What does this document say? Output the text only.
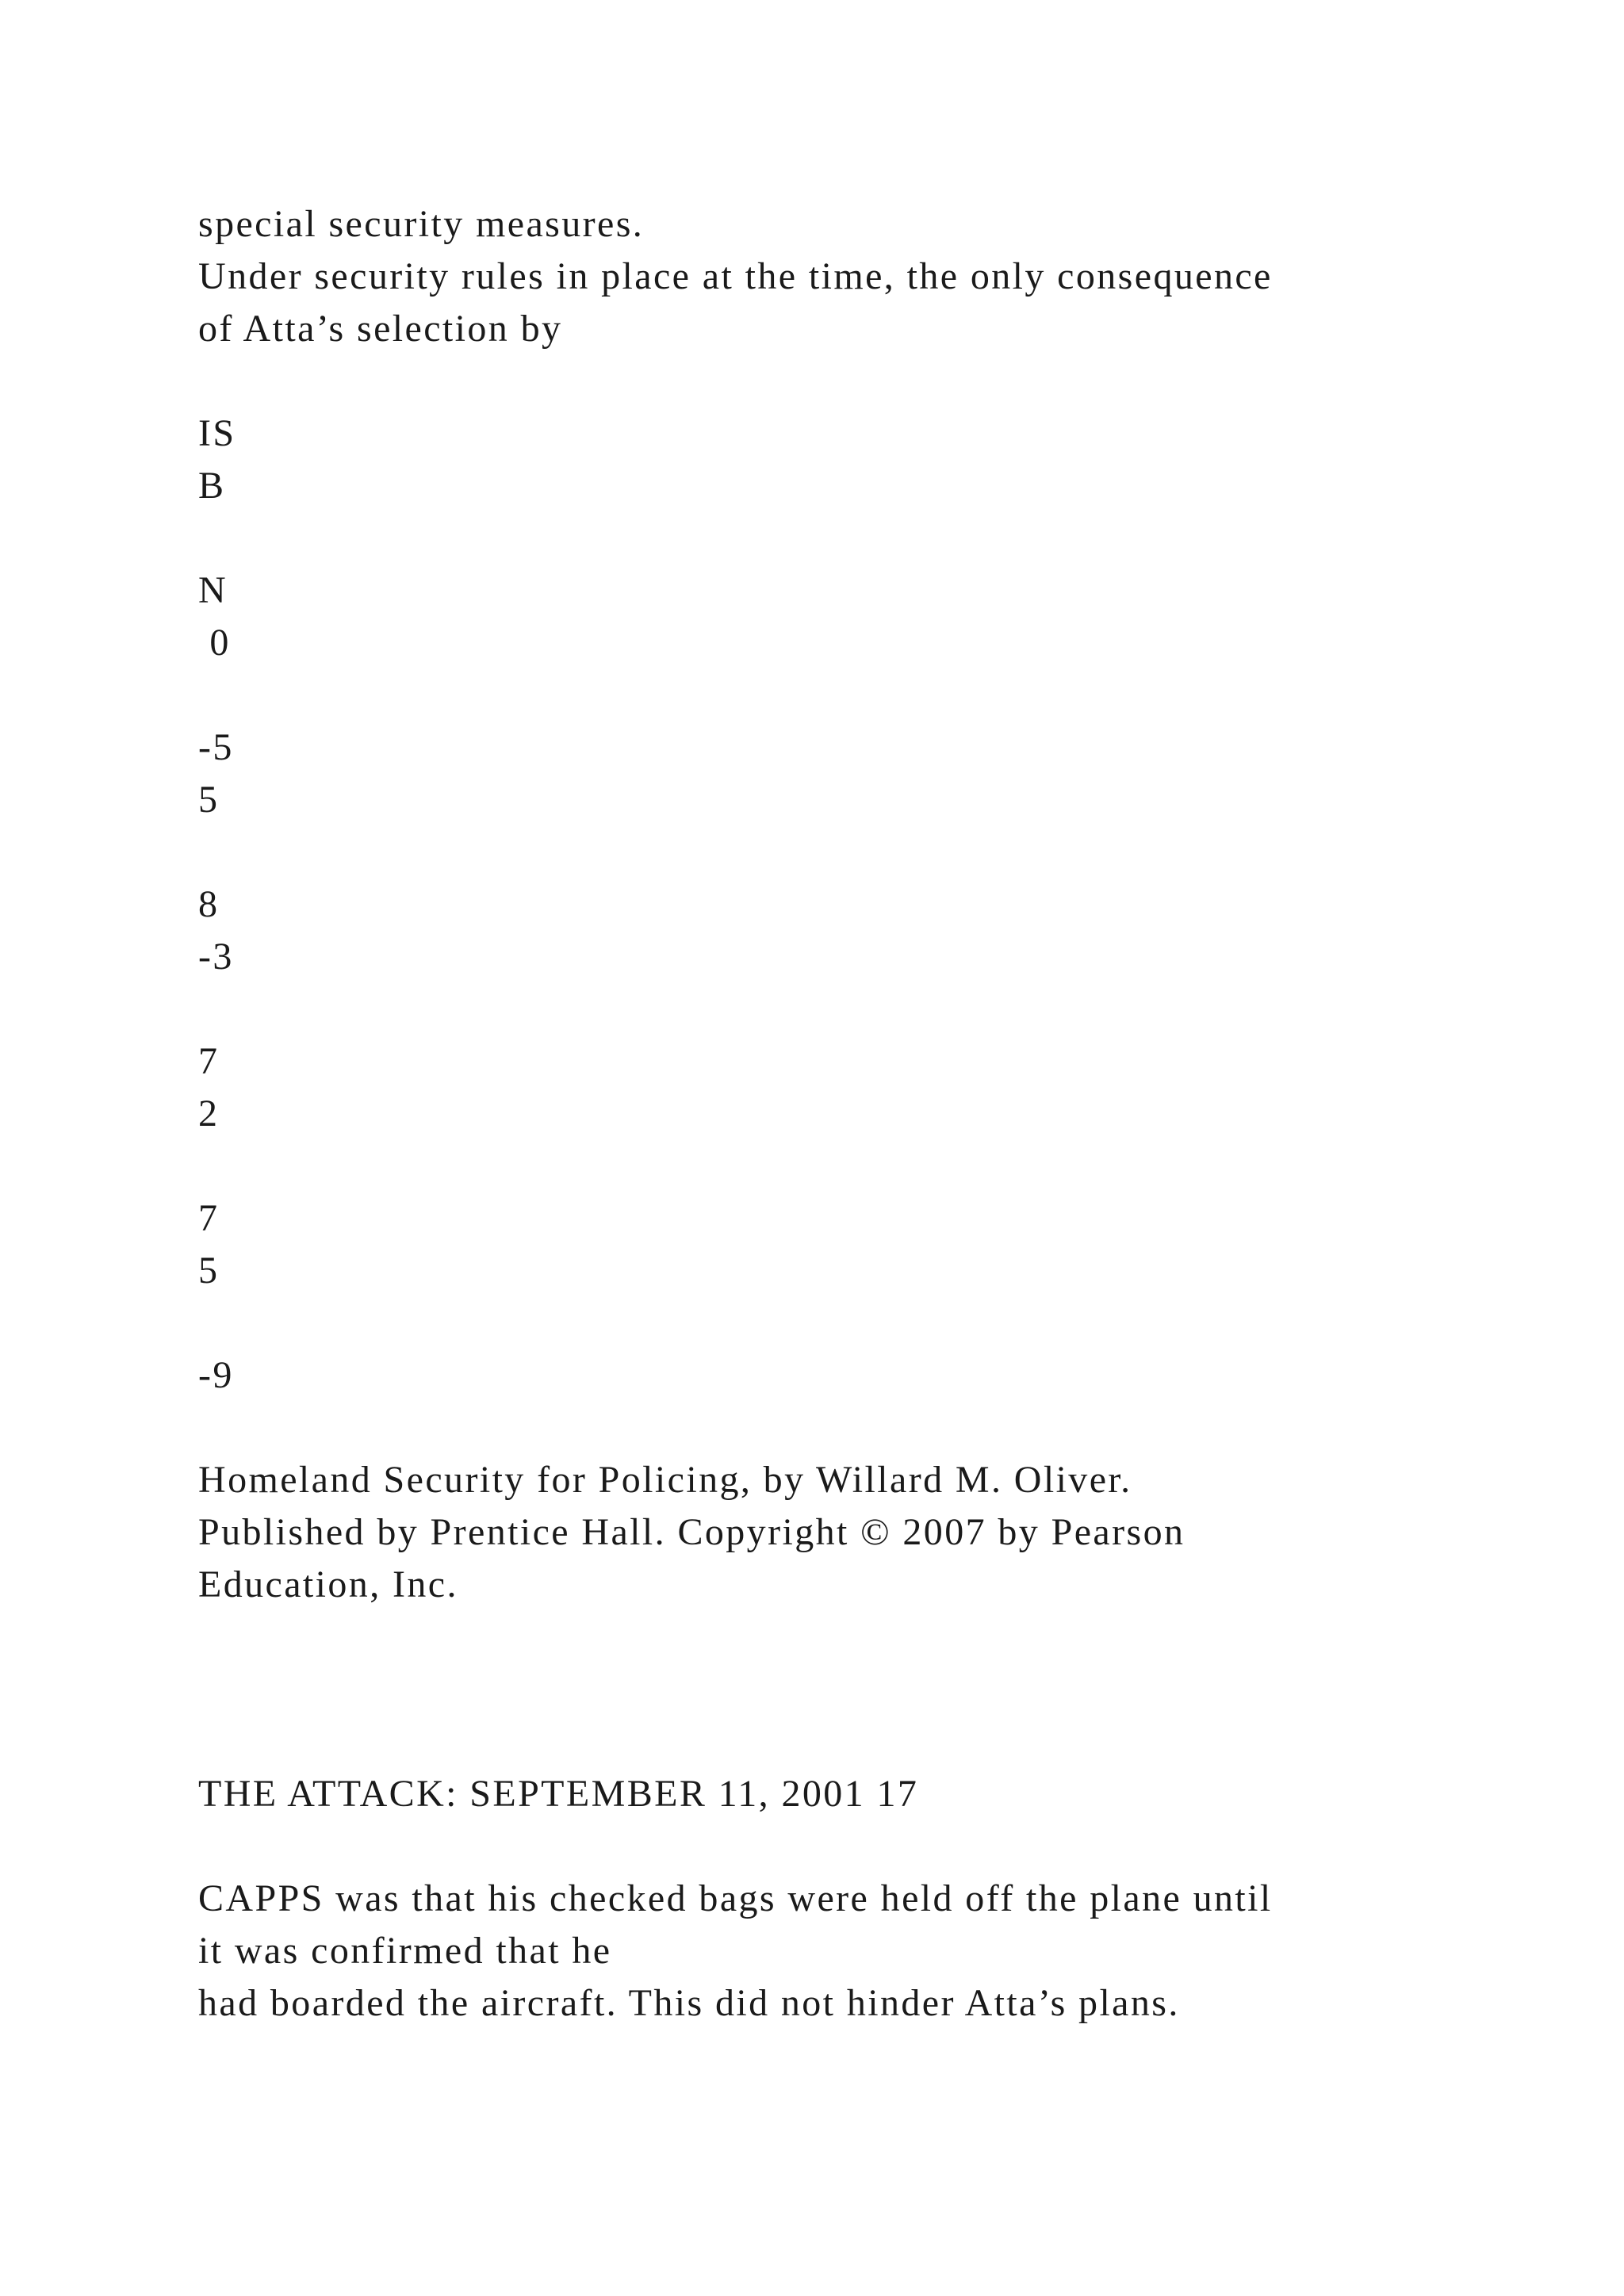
special security measures.
Under security rules in place at the time, the only consequence
of Atta’s selection by
IS
B
N
0
-5
5
8
-3
7
2
7
5
-9
Homeland Security for Policing, by Willard M. Oliver.
Published by Prentice Hall. Copyright © 2007 by Pearson
Education, Inc.
THE ATTACK: SEPTEMBER 11, 2001 17
CAPPS was that his checked bags were held off the plane until
it was confirmed that he
had boarded the aircraft. This did not hinder Atta’s plans.
